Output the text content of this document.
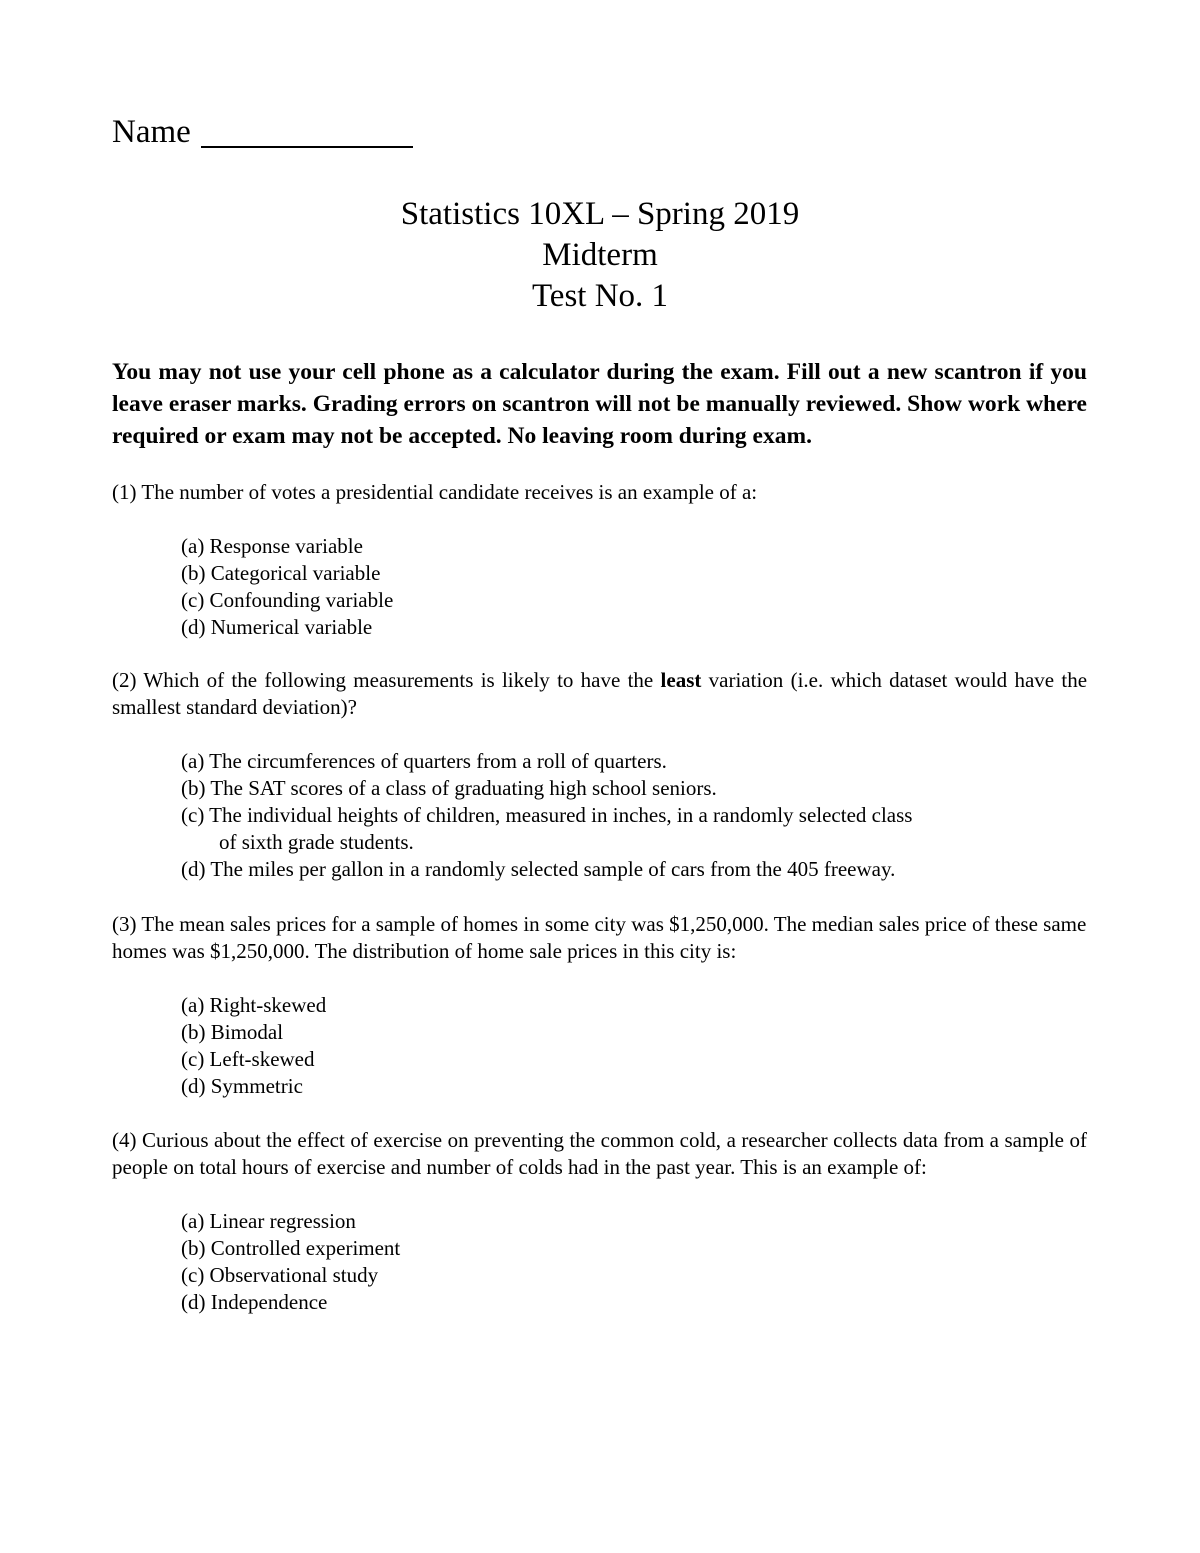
Name
Statistics 10XL – Spring 2019
Midterm
Test No. 1

You may not use your cell phone as a calculator during the exam. Fill out a new scantron if you leave eraser marks. Grading errors on scantron will not be manually reviewed. Show work where required or exam may not be accepted. No leaving room during exam.

(1) The number of votes a presidential candidate receives is an example of a:

(a) Response variable
(b) Categorical variable
(c) Confounding variable
(d) Numerical variable

(2) Which of the following measurements is likely to have the least variation (i.e. which dataset would have the smallest standard deviation)?

(a) The circumferences of quarters from a roll of quarters.
(b) The SAT scores of a class of graduating high school seniors.
(c) The individual heights of children, measured in inches, in a randomly selected class
of sixth grade students.
(d) The miles per gallon in a randomly selected sample of cars from the 405 freeway.

(3) The mean sales prices for a sample of homes in some city was $1,250,000. The median sales price of these same homes was $1,250,000. The distribution of home sale prices in this city is:

(a) Right-skewed
(b) Bimodal
(c) Left-skewed
(d) Symmetric

(4) Curious about the effect of exercise on preventing the common cold, a researcher collects data from a sample of people on total hours of exercise and number of colds had in the past year. This is an example of:

(a) Linear regression
(b) Controlled experiment
(c) Observational study
(d) Independence
